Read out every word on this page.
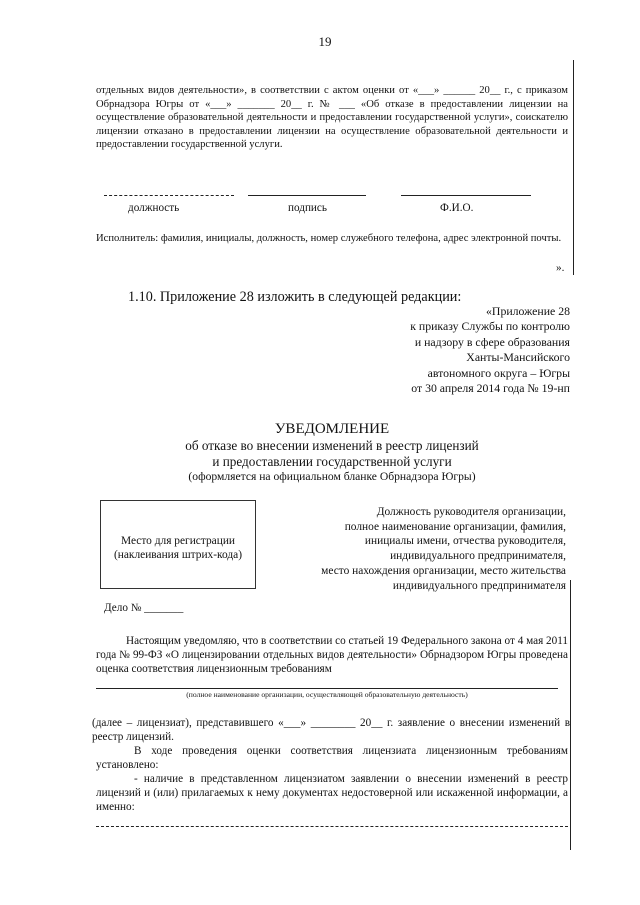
19
отдельных видов деятельности», в соответствии с актом оценки от «___» ______ 20__ г., с приказом Обрнадзора Югры от «___» _______ 20__ г. № ___ «Об отказе в предоставлении лицензии на осуществление образовательной деятельности и предоставлении государственной услуги», соискателю лицензии отказано в предоставлении лицензии на осуществление образовательной деятельности и предоставлении государственной услуги.
должность	подпись	Ф.И.О.
Исполнитель: фамилия, инициалы, должность, номер служебного телефона, адрес электронной почты.
».
1.10. Приложение 28 изложить в следующей редакции:
«Приложение 28
к приказу Службы по контролю
и надзору в сфере образования
Ханты-Мансийского
автономного округа – Югры
от 30 апреля 2014 года № 19-нп
УВЕДОМЛЕНИЕ
об отказе во внесении изменений в реестр лицензий
и предоставлении государственной услуги
(оформляется на официальном бланке Обрнадзора Югры)
Место для регистрации
(наклеивания штрих-кода)
Должность руководителя организации,
полное наименование организации, фамилия,
инициалы имени, отчества руководителя,
индивидуального предпринимателя,
место нахождения организации, место жительства
индивидуального предпринимателя
Дело № _______
Настоящим уведомляю, что в соответствии со статьей 19 Федерального закона от 4 мая 2011 года № 99-ФЗ «О лицензировании отдельных видов деятельности» Обрнадзором Югры проведена оценка соответствия лицензионным требованиям
(полное наименование организации, осуществляющей образовательную деятельность)
(далее – лицензиат), представившего «___» ________ 20__ г. заявление о внесении изменений в реестр лицензий.
В ходе проведения оценки соответствия лицензиата лицензионным требованиям установлено:
- наличие в представленном лицензиатом заявлении о внесении изменений в реестр лицензий и (или) прилагаемых к нему документах недостоверной или искаженной информации, а именно:
